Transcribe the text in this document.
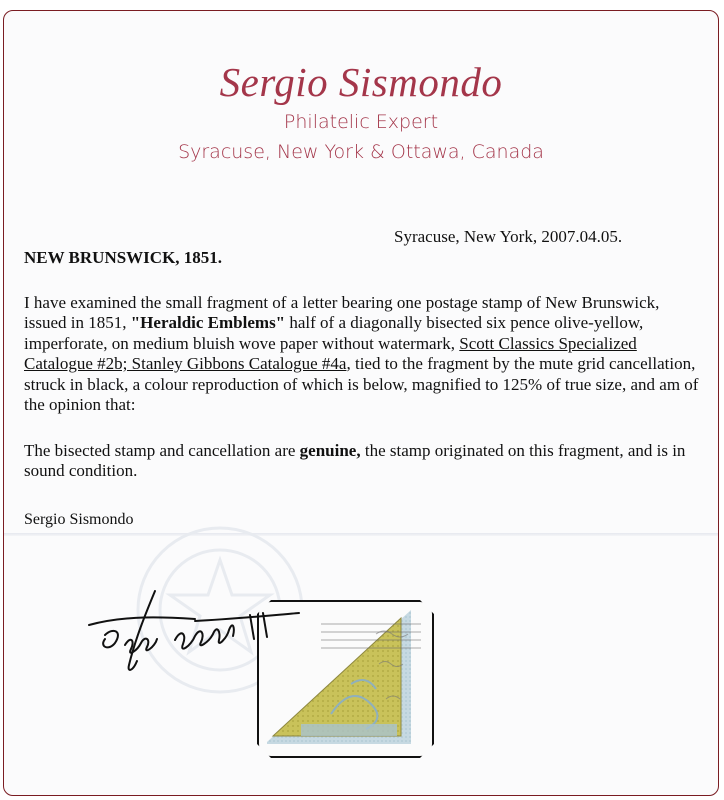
Sergio Sismondo
Philatelic Expert
Syracuse, New York & Ottawa, Canada
Syracuse, New York, 2007.04.05.
NEW BRUNSWICK, 1851.

I have examined the small fragment of a letter bearing one postage stamp of New Brunswick, issued in 1851, "Heraldic Emblems" half of a diagonally bisected six pence olive-yellow, imperforate, on medium bluish wove paper without watermark, Scott Classics Specialized Catalogue #2b; Stanley Gibbons Catalogue #4a, tied to the fragment by the mute grid cancellation, struck in black, a colour reproduction of which is below, magnified to 125% of true size, and am of the opinion that:

The bisected stamp and cancellation are genuine, the stamp originated on this fragment, and is in sound condition.

Sergio Sismondo
